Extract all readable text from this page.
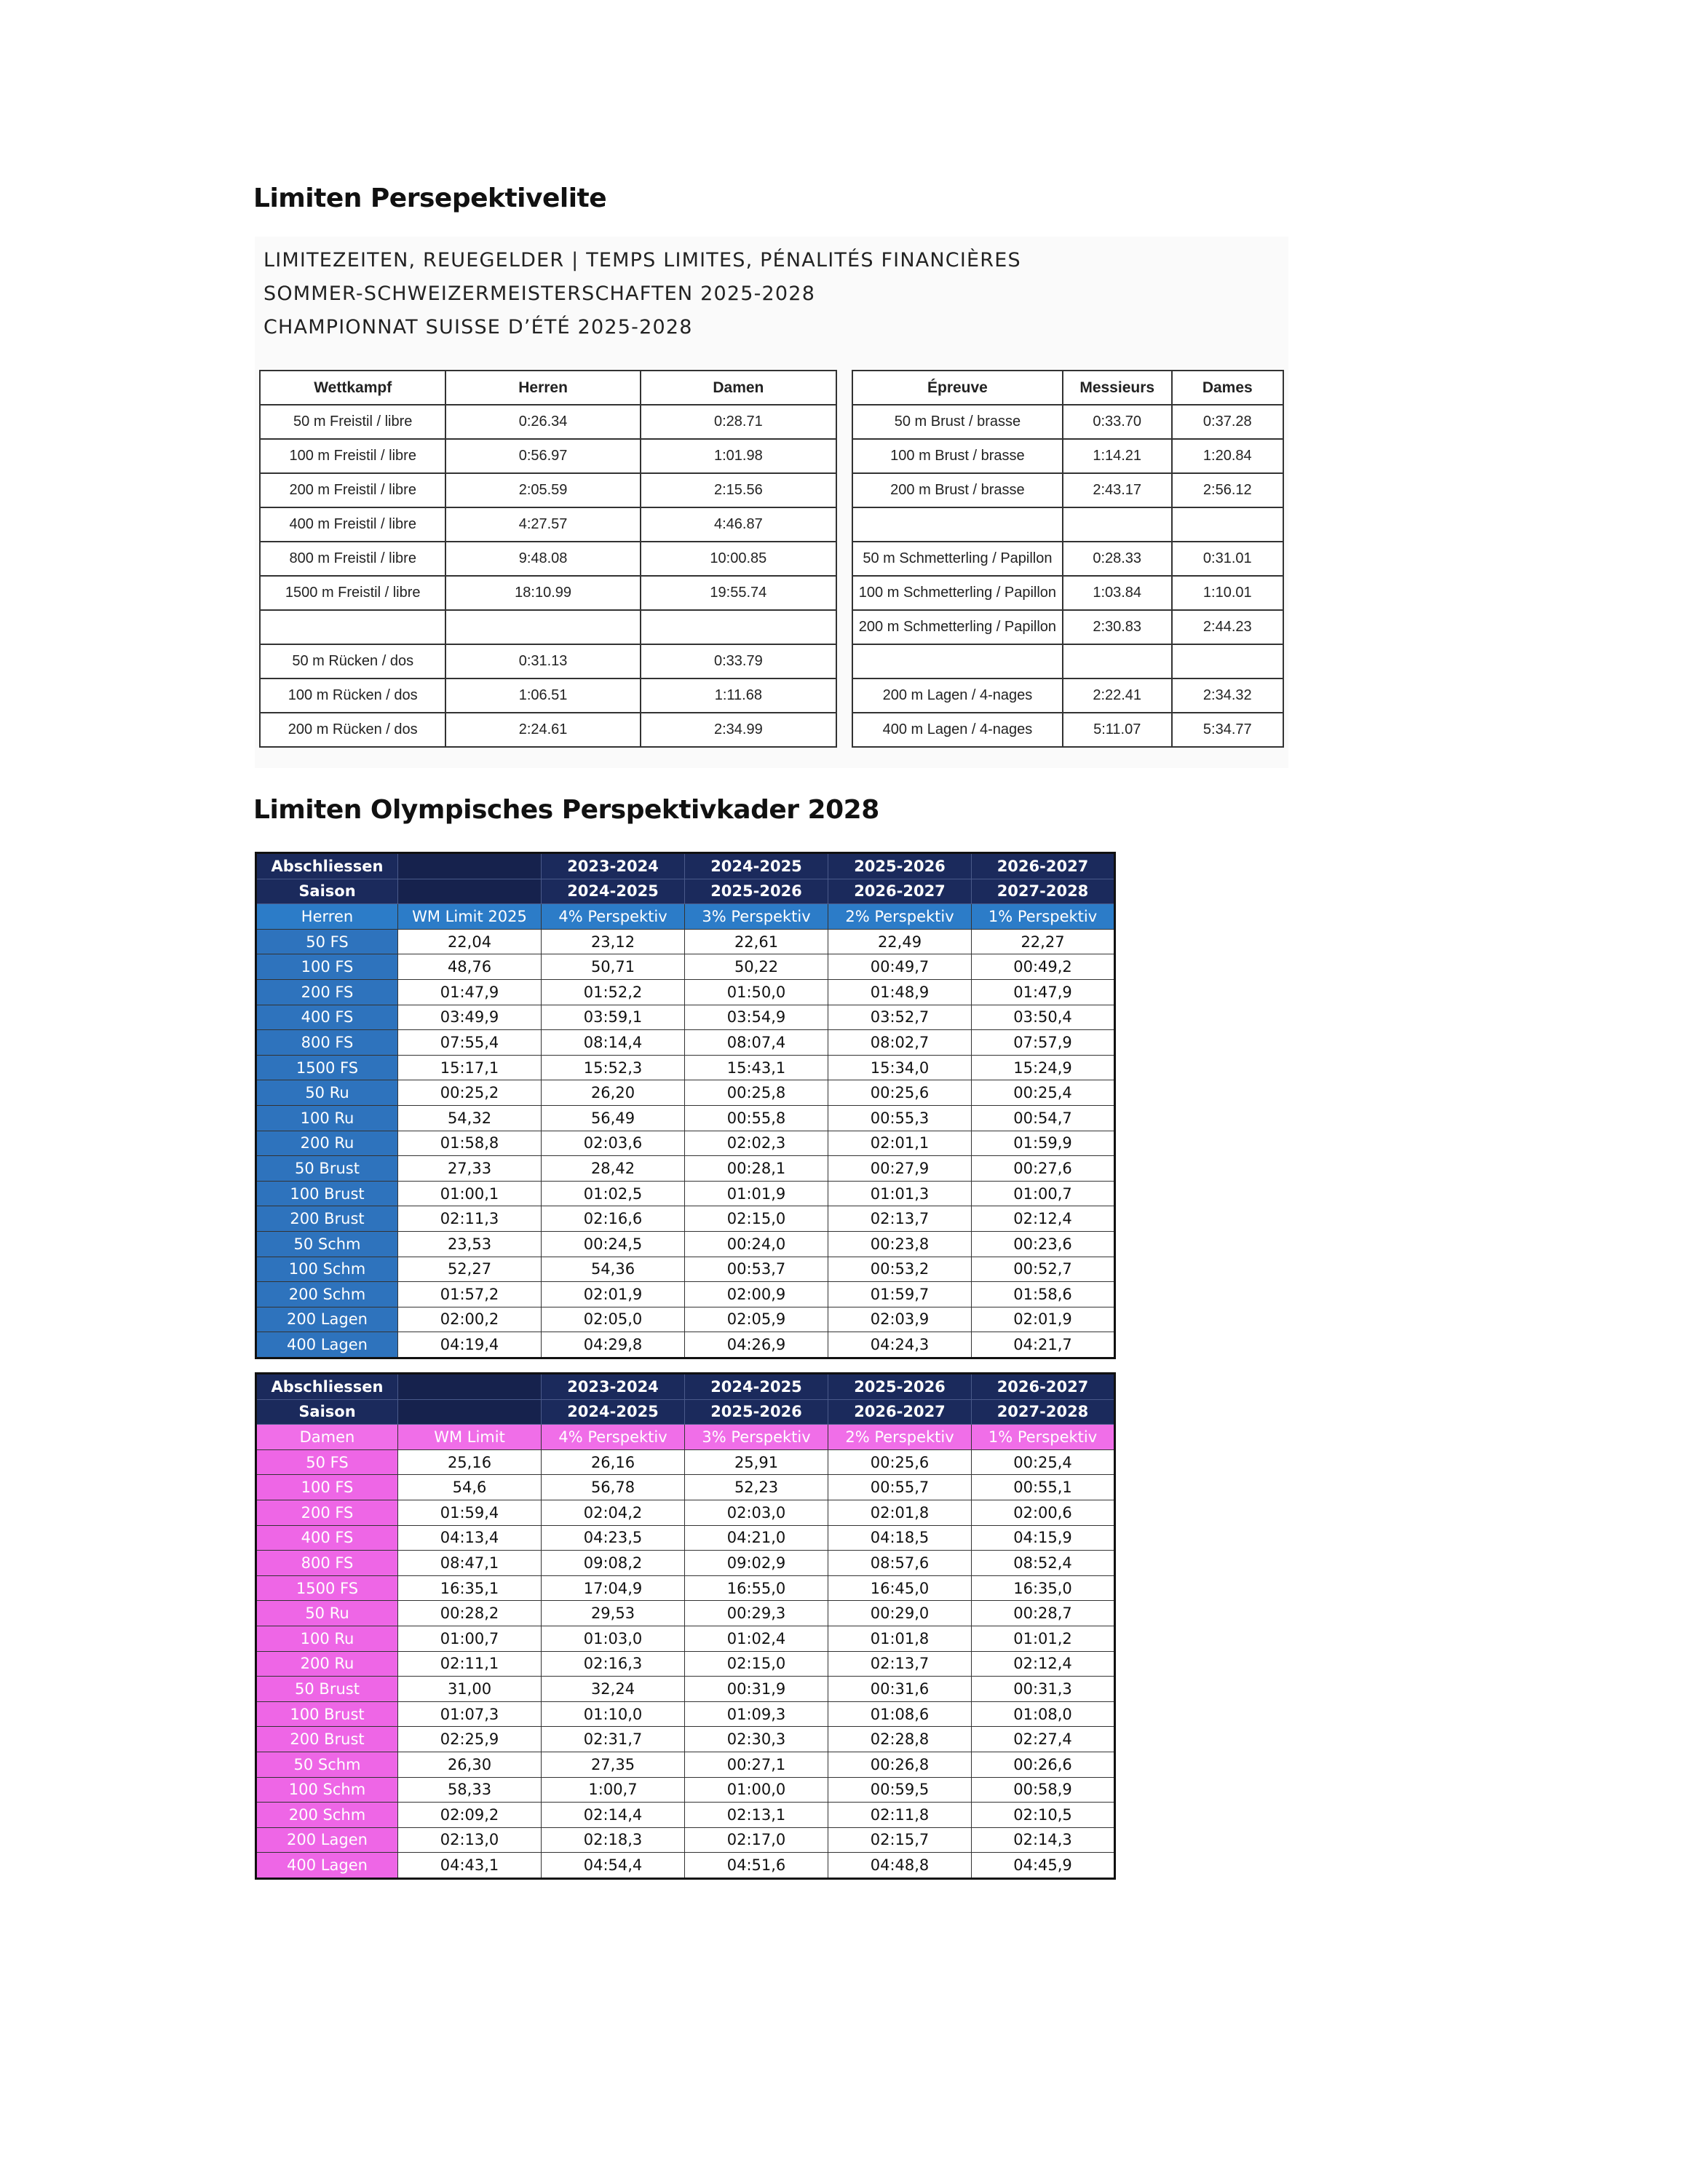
Limiten Persepektivelite
LIMITEZEITEN, REUEGELDER | TEMPS LIMITES, PÉNALITÉS FINANCIÈRES
SOMMER-SCHWEIZERMEISTERSCHAFTEN 2025-2028
CHAMPIONNAT SUISSE D’ÉTÉ 2025-2028
Wettkampf	Herren	Damen
50 m Freistil / libre	0:26.34	0:28.71
100 m Freistil / libre	0:56.97	1:01.98
200 m Freistil / libre	2:05.59	2:15.56
400 m Freistil / libre	4:27.57	4:46.87
800 m Freistil / libre	9:48.08	10:00.85
1500 m Freistil / libre	18:10.99	19:55.74

50 m Rücken / dos	0:31.13	0:33.79
100 m Rücken / dos	1:06.51	1:11.68
200 m Rücken / dos	2:24.61	2:34.99
Épreuve	Messieurs	Dames
50 m Brust / brasse	0:33.70	0:37.28
100 m Brust / brasse	1:14.21	1:20.84
200 m Brust / brasse	2:43.17	2:56.12

50 m Schmetterling / Papillon	0:28.33	0:31.01
100 m Schmetterling / Papillon	1:03.84	1:10.01
200 m Schmetterling / Papillon	2:30.83	2:44.23

200 m Lagen / 4-nages	2:22.41	2:34.32
400 m Lagen / 4-nages	5:11.07	5:34.77
Limiten Olympisches Perspektivkader 2028
Abschliessen		2023-2024	2024-2025	2025-2026	2026-2027
Saison		2024-2025	2025-2026	2026-2027	2027-2028
Herren	WM Limit 2025	4% Perspektiv	3% Perspektiv	2% Perspektiv	1% Perspektiv
50 FS	22,04	23,12	22,61	22,49	22,27
100 FS	48,76	50,71	50,22	00:49,7	00:49,2
200 FS	01:47,9	01:52,2	01:50,0	01:48,9	01:47,9
400 FS	03:49,9	03:59,1	03:54,9	03:52,7	03:50,4
800 FS	07:55,4	08:14,4	08:07,4	08:02,7	07:57,9
1500 FS	15:17,1	15:52,3	15:43,1	15:34,0	15:24,9
50 Ru	00:25,2	26,20	00:25,8	00:25,6	00:25,4
100 Ru	54,32	56,49	00:55,8	00:55,3	00:54,7
200 Ru	01:58,8	02:03,6	02:02,3	02:01,1	01:59,9
50 Brust	27,33	28,42	00:28,1	00:27,9	00:27,6
100 Brust	01:00,1	01:02,5	01:01,9	01:01,3	01:00,7
200 Brust	02:11,3	02:16,6	02:15,0	02:13,7	02:12,4
50 Schm	23,53	00:24,5	00:24,0	00:23,8	00:23,6
100 Schm	52,27	54,36	00:53,7	00:53,2	00:52,7
200 Schm	01:57,2	02:01,9	02:00,9	01:59,7	01:58,6
200 Lagen	02:00,2	02:05,0	02:05,9	02:03,9	02:01,9
400 Lagen	04:19,4	04:29,8	04:26,9	04:24,3	04:21,7
Abschliessen		2023-2024	2024-2025	2025-2026	2026-2027
Saison		2024-2025	2025-2026	2026-2027	2027-2028
Damen	WM Limit	4% Perspektiv	3% Perspektiv	2% Perspektiv	1% Perspektiv
50 FS	25,16	26,16	25,91	00:25,6	00:25,4
100 FS	54,6	56,78	52,23	00:55,7	00:55,1
200 FS	01:59,4	02:04,2	02:03,0	02:01,8	02:00,6
400 FS	04:13,4	04:23,5	04:21,0	04:18,5	04:15,9
800 FS	08:47,1	09:08,2	09:02,9	08:57,6	08:52,4
1500 FS	16:35,1	17:04,9	16:55,0	16:45,0	16:35,0
50 Ru	00:28,2	29,53	00:29,3	00:29,0	00:28,7
100 Ru	01:00,7	01:03,0	01:02,4	01:01,8	01:01,2
200 Ru	02:11,1	02:16,3	02:15,0	02:13,7	02:12,4
50 Brust	31,00	32,24	00:31,9	00:31,6	00:31,3
100 Brust	01:07,3	01:10,0	01:09,3	01:08,6	01:08,0
200 Brust	02:25,9	02:31,7	02:30,3	02:28,8	02:27,4
50 Schm	26,30	27,35	00:27,1	00:26,8	00:26,6
100 Schm	58,33	1:00,7	01:00,0	00:59,5	00:58,9
200 Schm	02:09,2	02:14,4	02:13,1	02:11,8	02:10,5
200 Lagen	02:13,0	02:18,3	02:17,0	02:15,7	02:14,3
400 Lagen	04:43,1	04:54,4	04:51,6	04:48,8	04:45,9
